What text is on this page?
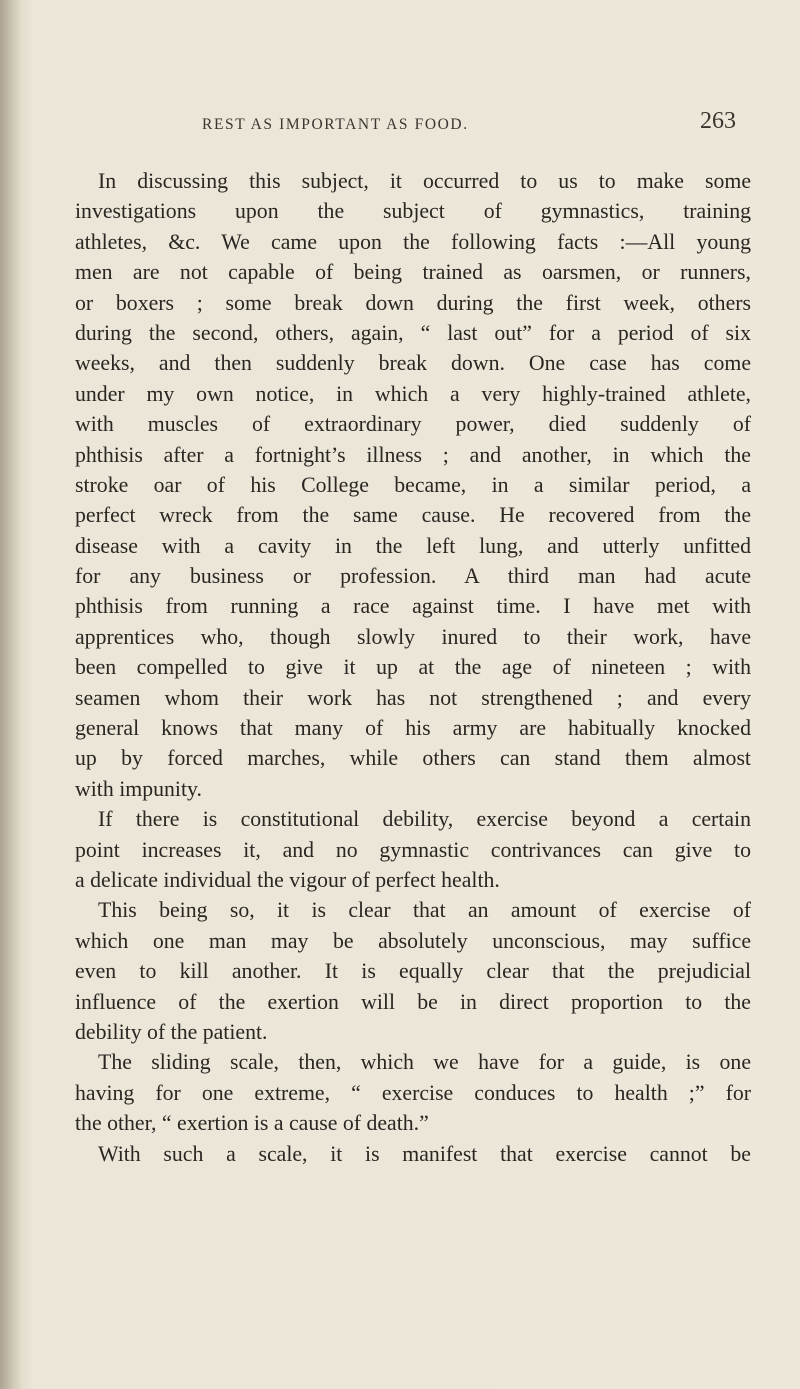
REST AS IMPORTANT AS FOOD.	263
In discussing this subject, it occurred to us to make some
investigations upon the subject of gymnastics, training
athletes, &c. We came upon the following facts :—All young
men are not capable of being trained as oarsmen, or runners,
or boxers ; some break down during the first week, others
during the second, others, again, “ last out” for a period of six
weeks, and then suddenly break down. One case has come
under my own notice, in which a very highly-trained athlete,
with muscles of extraordinary power, died suddenly of
phthisis after a fortnight’s illness ; and another, in which the
stroke oar of his College became, in a similar period, a
perfect wreck from the same cause. He recovered from the
disease with a cavity in the left lung, and utterly unfitted
for any business or profession. A third man had acute
phthisis from running a race against time. I have met with
apprentices who, though slowly inured to their work, have
been compelled to give it up at the age of nineteen ; with
seamen whom their work has not strengthened ; and every
general knows that many of his army are habitually knocked
up by forced marches, while others can stand them almost
with impunity.
If there is constitutional debility, exercise beyond a certain
point increases it, and no gymnastic contrivances can give to
a delicate individual the vigour of perfect health.
This being so, it is clear that an amount of exercise of
which one man may be absolutely unconscious, may suffice
even to kill another. It is equally clear that the prejudicial
influence of the exertion will be in direct proportion to the
debility of the patient.
The sliding scale, then, which we have for a guide, is one
having for one extreme, “ exercise conduces to health ;” for
the other, “ exertion is a cause of death.”
With such a scale, it is manifest that exercise cannot be
